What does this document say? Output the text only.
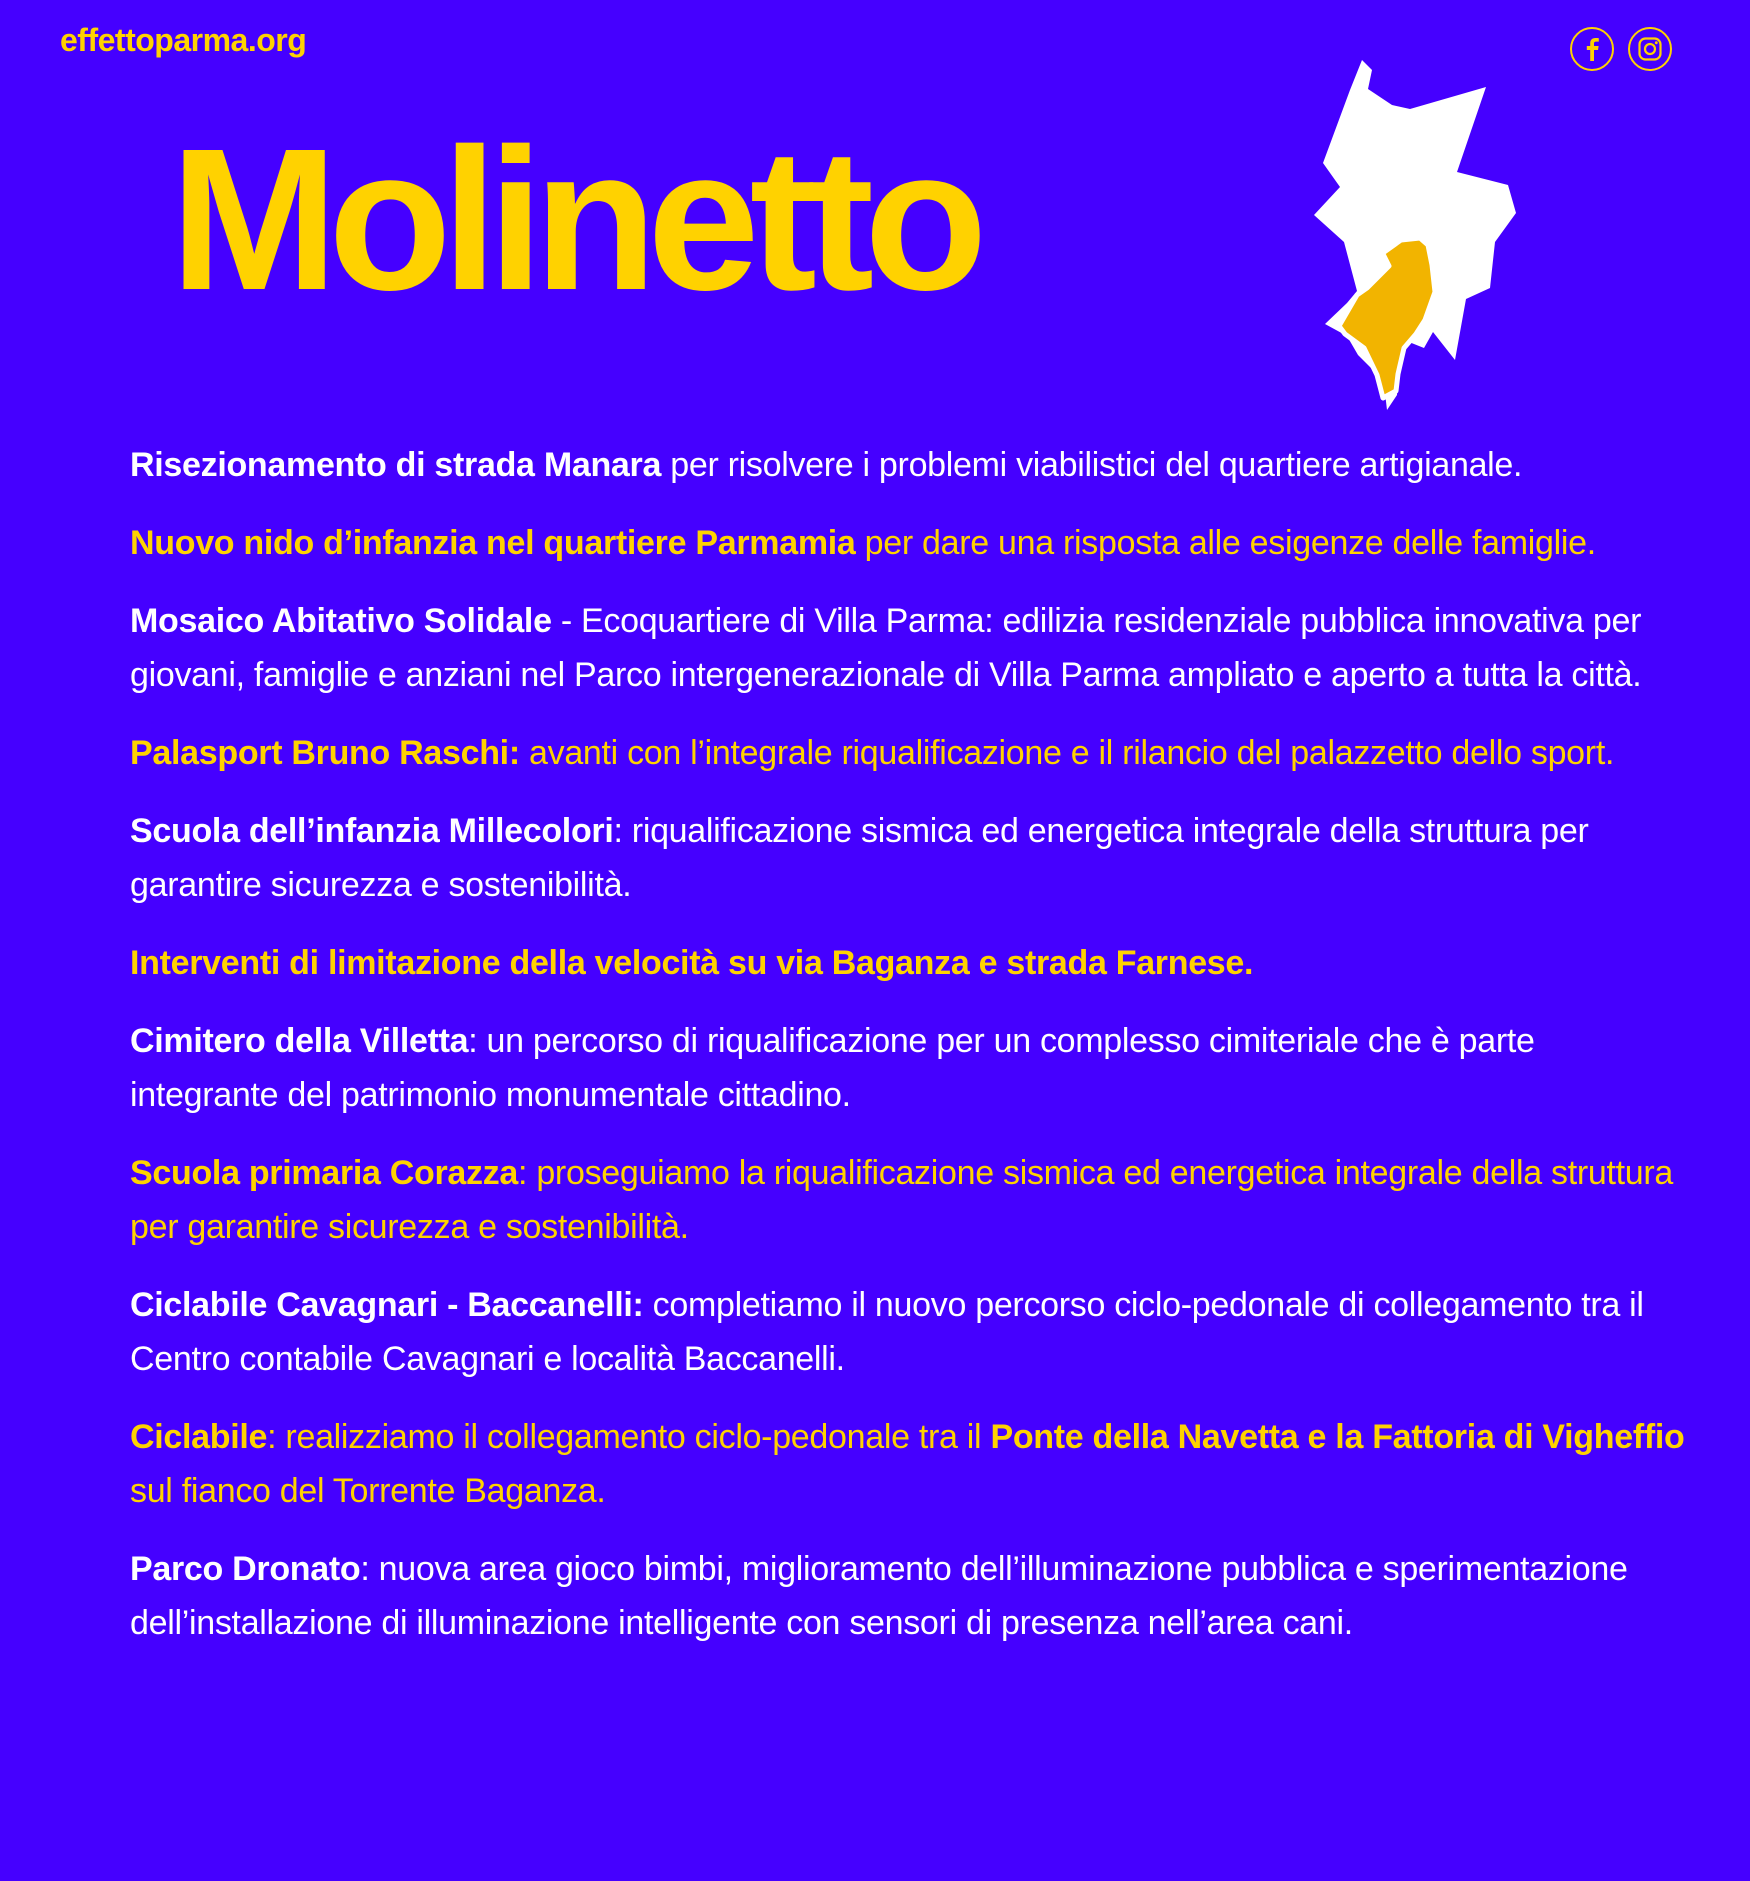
effettoparma.org
Molinetto
Risezionamento di strada Manara per risolvere i problemi viabilistici del quartiere artigianale.
Nuovo nido d’infanzia nel quartiere Parmamia per dare una risposta alle esigenze delle famiglie.
Mosaico Abitativo Solidale - Ecoquartiere di Villa Parma: edilizia residenziale pubblica innovativa per giovani, famiglie e anziani nel Parco intergenerazionale di Villa Parma ampliato e aperto a tutta la città.
Palasport Bruno Raschi: avanti con l’integrale riqualificazione e il rilancio del palazzetto dello sport.
Scuola dell’infanzia Millecolori: riqualificazione sismica ed energetica integrale della struttura per garantire sicurezza e sostenibilità.
Interventi di limitazione della velocità su via Baganza e strada Farnese.
Cimitero della Villetta: un percorso di riqualificazione per un complesso cimiteriale che è parte integrante del patrimonio monumentale cittadino.
Scuola primaria Corazza: proseguiamo la riqualificazione sismica ed energetica integrale della struttura per garantire sicurezza e sostenibilità.
Ciclabile Cavagnari - Baccanelli: completiamo il nuovo percorso ciclo-pedonale di collegamento tra il Centro contabile Cavagnari e località Baccanelli.
Ciclabile: realizziamo il collegamento ciclo-pedonale tra il Ponte della Navetta e la Fattoria di Vigheffio sul fianco del Torrente Baganza.
Parco Dronato: nuova area gioco bimbi, miglioramento dell’illuminazione pubblica e sperimentazione dell’installazione di illuminazione intelligente con sensori di presenza nell’area cani.
